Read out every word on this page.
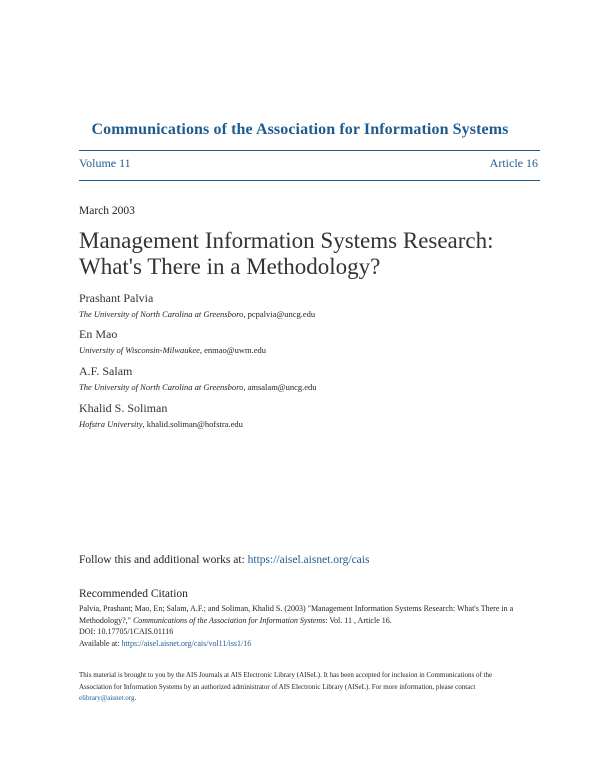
Communications of the Association for Information Systems
Volume 11	Article 16
March 2003
Management Information Systems Research:
What's There in a Methodology?
Prashant Palvia
The University of North Carolina at Greensboro, pcpalvia@uncg.edu
En Mao
University of Wisconsin-Milwaukee, enmao@uwm.edu
A.F. Salam
The University of North Carolina at Greensboro, amsalam@uncg.edu
Khalid S. Soliman
Hofstra University, khalid.soliman@hofstra.edu
Follow this and additional works at: https://aisel.aisnet.org/cais
Recommended Citation
Palvia, Prashant; Mao, En; Salam, A.F.; and Soliman, Khalid S. (2003) "Management Information Systems Research: What's There in a
Methodology?," Communications of the Association for Information Systems: Vol. 11 , Article 16.
DOI: 10.17705/1CAIS.01116
Available at: https://aisel.aisnet.org/cais/vol11/iss1/16
This material is brought to you by the AIS Journals at AIS Electronic Library (AISeL). It has been accepted for inclusion in Communications of the
Association for Information Systems by an authorized administrator of AIS Electronic Library (AISeL). For more information, please contact
elibrary@aisnet.org.
